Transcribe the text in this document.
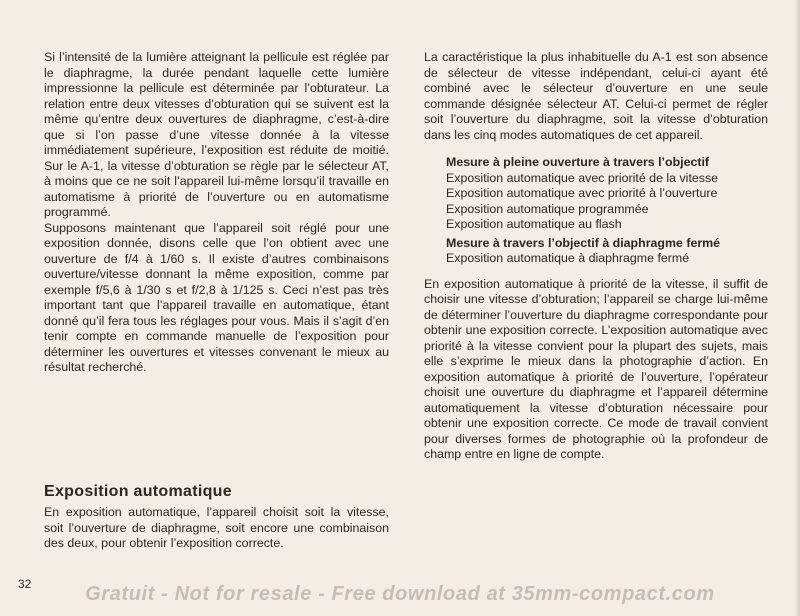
Si l’intensité de la lumière atteignant la pellicule est réglée par le diaphragme, la durée pendant laquelle cette lumière impressionne la pellicule est déterminée par l’obturateur. La relation entre deux vitesses d’obturation qui se suivent est la même qu’entre deux ouvertures de diaphragme, c’est-à-dire que si l’on passe d’une vitesse donnée à la vitesse immédiatement supérieure, l’exposition est réduite de moitié. Sur le A-1, la vitesse d’obturation se règle par le sélecteur AT, à moins que ce ne soit l’appareil lui-même lorsqu’il travaille en automatisme à priorité de l’ouverture ou en automatisme programmé.

Supposons maintenant que l’appareil soit réglé pour une exposition donnée, disons celle que l’on obtient avec une ouverture de f/4 à 1/60 s. Il existe d’autres combinaisons ouverture/vitesse donnant la même exposition, comme par exemple f/5,6 à 1/30 s et f/2,8 à 1/125 s. Ceci n’est pas très important tant que l’appareil travaille en automatique, étant donné qu’il fera tous les réglages pour vous. Mais il s’agit d’en tenir compte en commande manuelle de l’exposition pour déterminer les ouvertures et vitesses convenant le mieux au résultat recherché.

Exposition automatique

En exposition automatique, l’appareil choisit soit la vitesse, soit l’ouverture de diaphragme, soit encore une combinaison des deux, pour obtenir l’exposition correcte.

La caractéristique la plus inhabituelle du A-1 est son absence de sélecteur de vitesse indépendant, celui-ci ayant été combiné avec le sélecteur d’ouverture en une seule commande désignée sélecteur AT. Celui-ci permet de régler soit l’ouverture du diaphragme, soit la vitesse d’obturation dans les cinq modes automatiques de cet appareil.

Mesure à pleine ouverture à travers l’objectif

Exposition automatique avec priorité de la vitesse

Exposition automatique avec priorité à l’ouverture

Exposition automatique programmée

Exposition automatique au flash

Mesure à travers l’objectif à diaphragme fermé

Exposition automatique à diaphragme fermé

En exposition automatique à priorité de la vitesse, il suffit de choisir une vitesse d’obturation; l’appareil se charge lui-même de déterminer l’ouverture du diaphragme correspondante pour obtenir une exposition correcte. L’exposition automatique avec priorité à la vitesse convient pour la plupart des sujets, mais elle s’exprime le mieux dans la photographie d’action. En exposition automatique à priorité de l’ouverture, l’opérateur choisit une ouverture du diaphragme et l’appareil détermine automatiquement la vitesse d’obturation nécessaire pour obtenir une exposition correcte. Ce mode de travail convient pour diverses formes de photographie où la profondeur de champ entre en ligne de compte.

32	Gratuit - Not for resale - Free download at 35mm-compact.com
